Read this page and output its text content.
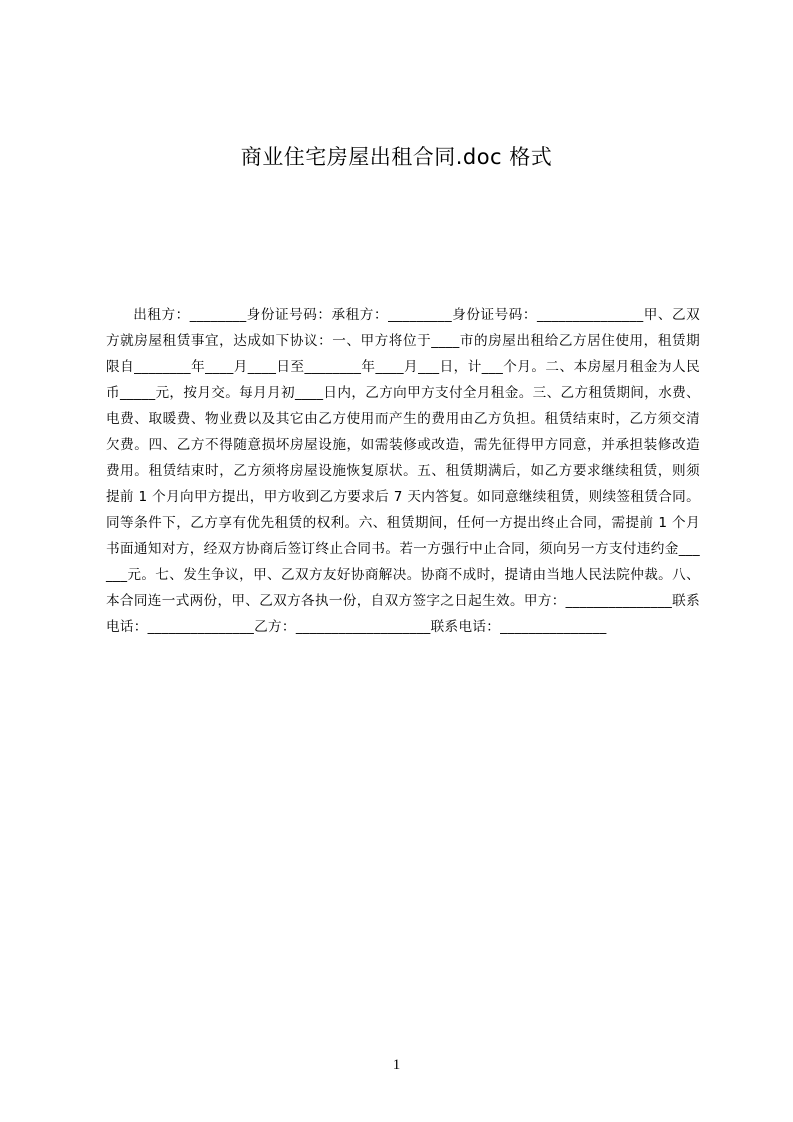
商业住宅房屋出租合同.doc 格式

出租方：________身份证号码：承租方：_________身份证号码：_______________甲、乙双方就房屋租赁事宜，达成如下协议：一、甲方将位于____市的房屋出租给乙方居住使用，租赁期限自________年____月____日至________年____月___日，计___个月。二、本房屋月租金为人民币_____元，按月交。每月月初____日内，乙方向甲方支付全月租金。三、乙方租赁期间，水费、电费、取暖费、物业费以及其它由乙方使用而产生的费用由乙方负担。租赁结束时，乙方须交清欠费。四、乙方不得随意损坏房屋设施，如需装修或改造，需先征得甲方同意，并承担装修改造费用。租赁结束时，乙方须将房屋设施恢复原状。五、租赁期满后，如乙方要求继续租赁，则须提前 1 个月向甲方提出，甲方收到乙方要求后 7 天内答复。如同意继续租赁，则续签租赁合同。同等条件下，乙方享有优先租赁的权利。六、租赁期间，任何一方提出终止合同，需提前 1 个月书面通知对方，经双方协商后签订终止合同书。若一方强行中止合同，须向另一方支付违约金______元。七、发生争议，甲、乙双方友好协商解决。协商不成时，提请由当地人民法院仲裁。八、本合同连一式两份，甲、乙双方各执一份，自双方签字之日起生效。甲方：_______________联系电话：_______________乙方：___________________联系电话：_______________

1
